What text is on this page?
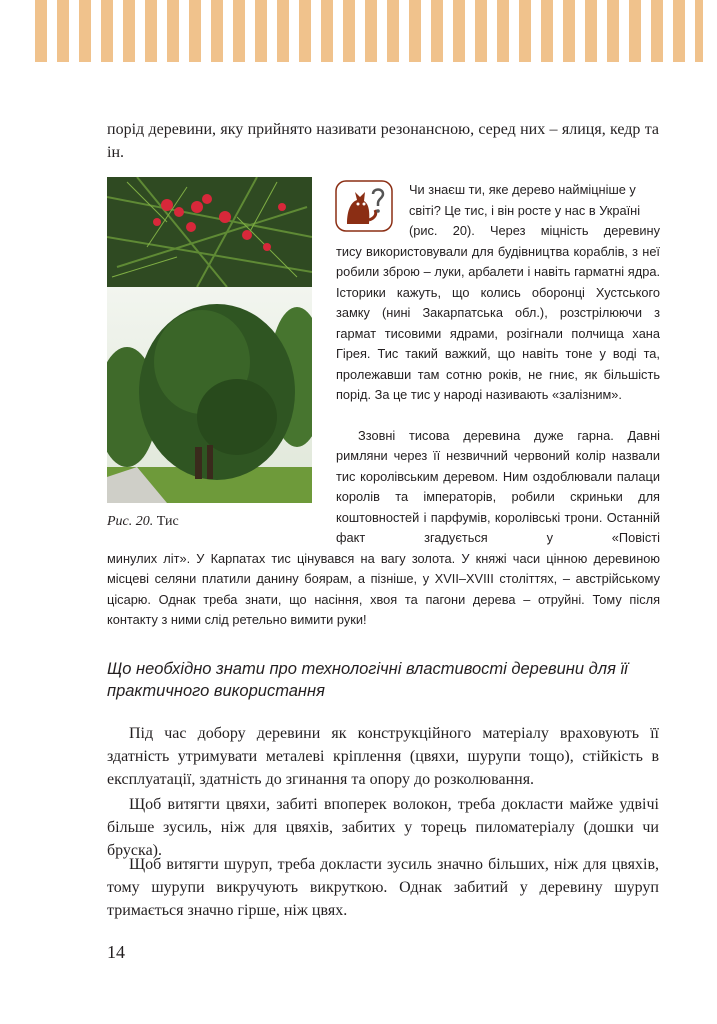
порід деревини, яку прийнято називати резонансною, серед них – ялиця, кедр та ін.

Рис. 20. Тис

Чи знаєш ти, яке дерево найміцніше у

світі? Це тис, і він росте у нас в Україні

(рис. 20). Через міцність деревину

тису використовували для будівництва кораблів, з неї робили зброю – луки, арбалети і навіть гарматні ядра. Історики кажуть, що колись оборонці Хустського замку (нині Закарпатська обл.), розстрілюючи з гармат тисовими ядрами, розігнали полчища хана Гірея. Тис такий важкий, що навіть тоне у воді та, пролежавши там сотню років, не гниє, як більшість порід. За це тис у народі називають «залізним».

Ззовні тисова деревина дуже гарна. Давні римляни через її незвичний червоний колір назвали тис королівським деревом. Ним оздоблювали палаци королів та імператорів, робили скриньки для коштовностей і парфумів, королівські трони. Останній факт згадується у «Повісті

минулих літ». У Карпатах тис цінувався на вагу золота. У княжі часи цінною деревиною місцеві селяни платили данину боярам, а пізніше, у XVII–XVIII століттях, – австрійському цісарю. Однак треба знати, що насіння, хвоя та пагони дерева – отруйні. Тому після контакту з ними слід ретельно вимити руки!

Що необхідно знати про технологічні властивості деревини для її практичного використання

Під час добору деревини як конструкційного матеріалу враховують її здатність утримувати металеві кріплення (цвяхи, шурупи тощо), стійкість в експлуатації, здатність до згинання та опору до розколювання.

Щоб витягти цвяхи, забиті впоперек волокон, треба докласти майже удвічі більше зусиль, ніж для цвяхів, забитих у торець пиломатеріалу (дошки чи бруска).

Щоб витягти шуруп, треба докласти зусиль значно більших, ніж для цвяхів, тому шурупи викручують викруткою. Однак забитий у деревину шуруп тримається значно гірше, ніж цвях.

14
